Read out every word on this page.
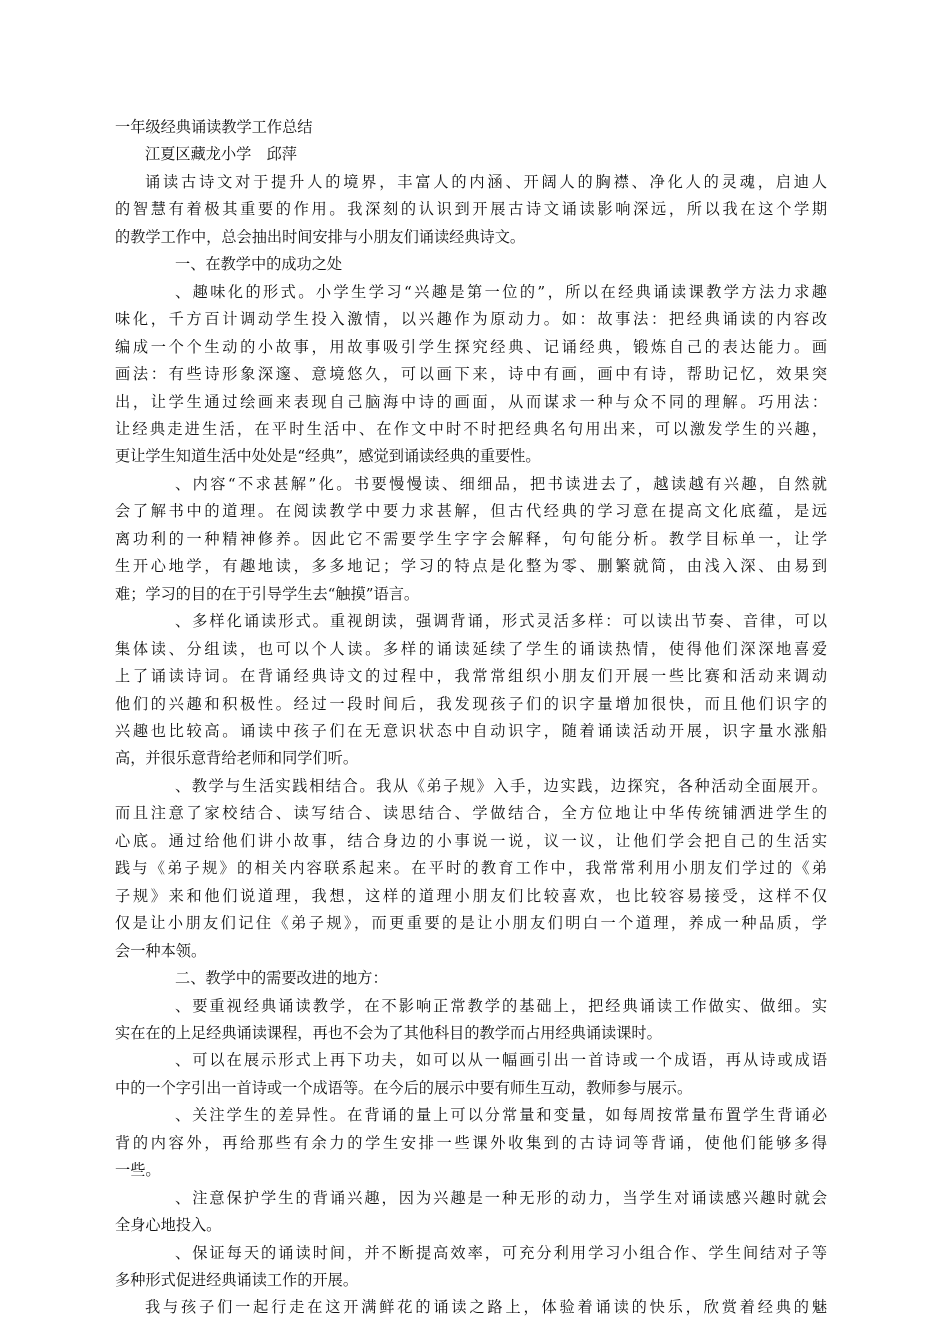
一年级经典诵读教学工作总结

江夏区藏龙小学　邱萍

诵读古诗文对于提升人的境界，丰富人的内涵、开阔人的胸襟、净化人的灵魂，启迪人

的智慧有着极其重要的作用。我深刻的认识到开展古诗文诵读影响深远，所以我在这个学期

的教学工作中，总会抽出时间安排与小朋友们诵读经典诗文。

一、在教学中的成功之处

、趣味化的形式。小学生学习“兴趣是第一位的”，所以在经典诵读课教学方法力求趣

味化，千方百计调动学生投入激情，以兴趣作为原动力。如：故事法：把经典诵读的内容改

编成一个个生动的小故事，用故事吸引学生探究经典、记诵经典，锻炼自己的表达能力。画

画法：有些诗形象深邃、意境悠久，可以画下来，诗中有画，画中有诗，帮助记忆，效果突

出，让学生通过绘画来表现自己脑海中诗的画面，从而谋求一种与众不同的理解。巧用法：

让经典走进生活，在平时生活中、在作文中时不时把经典名句用出来，可以激发学生的兴趣，

更让学生知道生活中处处是“经典”，感觉到诵读经典的重要性。

、内容“不求甚解”化。书要慢慢读、细细品，把书读进去了，越读越有兴趣，自然就

会了解书中的道理。在阅读教学中要力求甚解，但古代经典的学习意在提高文化底蕴，是远

离功利的一种精神修养。因此它不需要学生字字会解释，句句能分析。教学目标单一，让学

生开心地学，有趣地读，多多地记；学习的特点是化整为零、删繁就简，由浅入深、由易到

难；学习的目的在于引导学生去“触摸”语言。

、多样化诵读形式。重视朗读，强调背诵，形式灵活多样：可以读出节奏、音律，可以

集体读、分组读，也可以个人读。多样的诵读延续了学生的诵读热情，使得他们深深地喜爱

上了诵读诗词。在背诵经典诗文的过程中，我常常组织小朋友们开展一些比赛和活动来调动

他们的兴趣和积极性。经过一段时间后，我发现孩子们的识字量增加很快，而且他们识字的

兴趣也比较高。诵读中孩子们在无意识状态中自动识字，随着诵读活动开展，识字量水涨船

高，并很乐意背给老师和同学们听。

、教学与生活实践相结合。我从《弟子规》入手，边实践，边探究，各种活动全面展开。

而且注意了家校结合、读写结合、读思结合、学做结合，全方位地让中华传统铺洒进学生的

心底。通过给他们讲小故事，结合身边的小事说一说，议一议，让他们学会把自己的生活实

践与《弟子规》的相关内容联系起来。在平时的教育工作中，我常常利用小朋友们学过的《弟

子规》来和他们说道理，我想，这样的道理小朋友们比较喜欢，也比较容易接受，这样不仅

仅是让小朋友们记住《弟子规》，而更重要的是让小朋友们明白一个道理，养成一种品质，学

会一种本领。

二、教学中的需要改进的地方：

、要重视经典诵读教学，在不影响正常教学的基础上，把经典诵读工作做实、做细。实

实在在的上足经典诵读课程，再也不会为了其他科目的教学而占用经典诵读课时。

、可以在展示形式上再下功夫，如可以从一幅画引出一首诗或一个成语，再从诗或成语

中的一个字引出一首诗或一个成语等。在今后的展示中要有师生互动，教师参与展示。

、关注学生的差异性。在背诵的量上可以分常量和变量，如每周按常量布置学生背诵必

背的内容外，再给那些有余力的学生安排一些课外收集到的古诗词等背诵，使他们能够多得

一些。

、注意保护学生的背诵兴趣，因为兴趣是一种无形的动力，当学生对诵读感兴趣时就会

全身心地投入。

、保证每天的诵读时间，并不断提高效率，可充分利用学习小组合作、学生间结对子等

多种形式促进经典诵读工作的开展。

我与孩子们一起行走在这开满鲜花的诵读之路上，体验着诵读的快乐，欣赏着经典的魅
